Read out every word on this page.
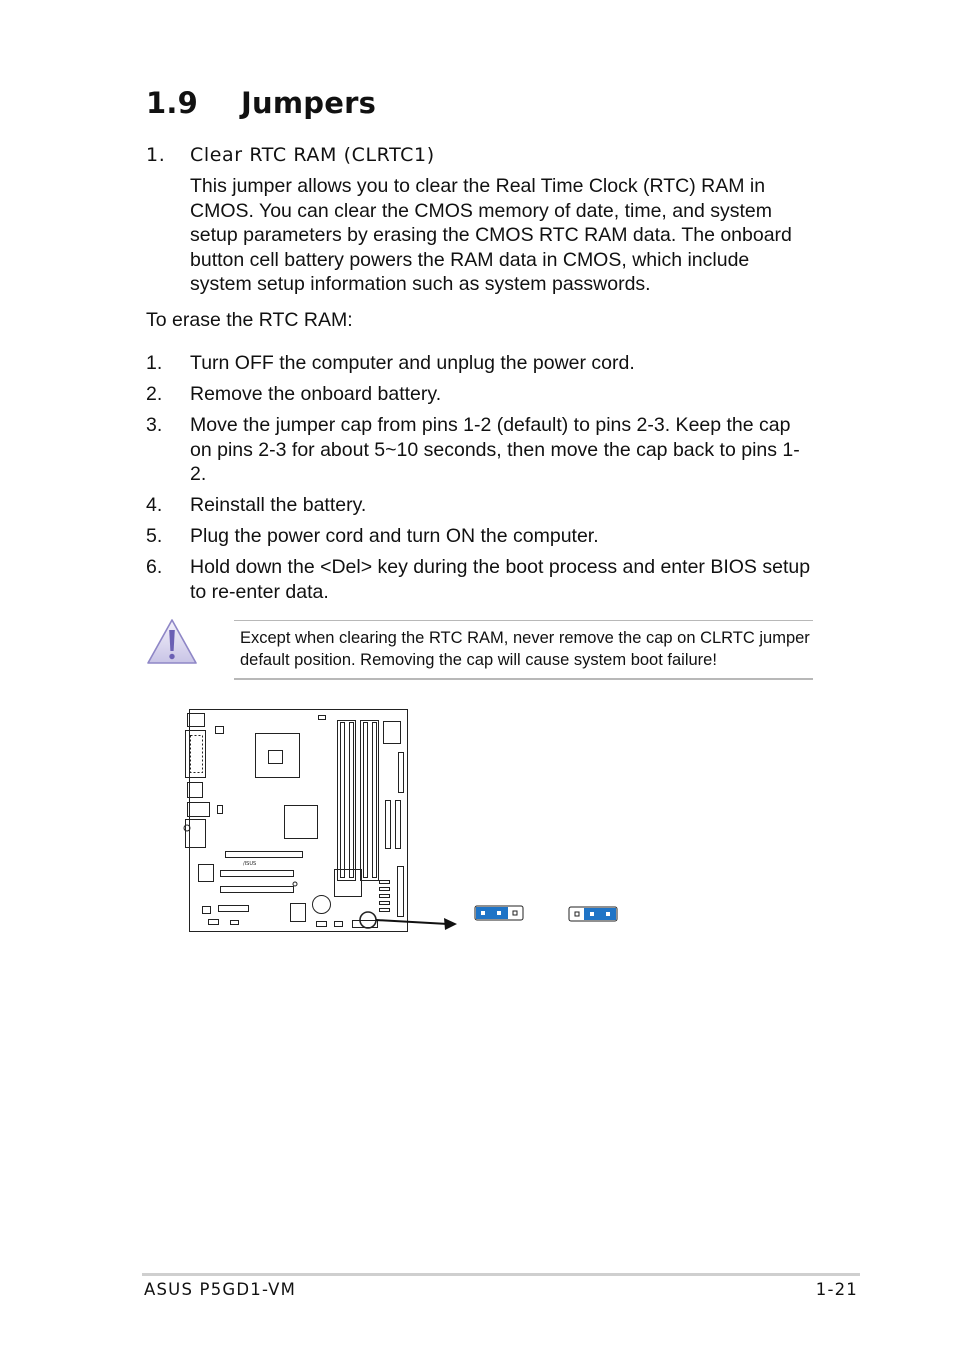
1.9 Jumpers
1. Clear RTC RAM (CLRTC1)

This jumper allows you to clear the Real Time Clock (RTC) RAM in CMOS. You can clear the CMOS memory of date, time, and system setup parameters by erasing the CMOS RTC RAM data. The onboard button cell battery powers the RAM data in CMOS, which include system setup information such as system passwords.

To erase the RTC RAM:

1. Turn OFF the computer and unplug the power cord.
2. Remove the onboard battery.
3. Move the jumper cap from pins 1-2 (default) to pins 2-3. Keep the cap on pins 2-3 for about 5~10 seconds, then move the cap back to pins 1-2.
4. Reinstall the battery.
5. Plug the power cord and turn ON the computer.
6. Hold down the <Del> key during the boot process and enter BIOS setup to re-enter data.

Except when clearing the RTC RAM, never remove the cap on CLRTC jumper default position. Removing the cap will cause system boot failure!

/ISUS

ASUS P5GD1-VM	1-21
